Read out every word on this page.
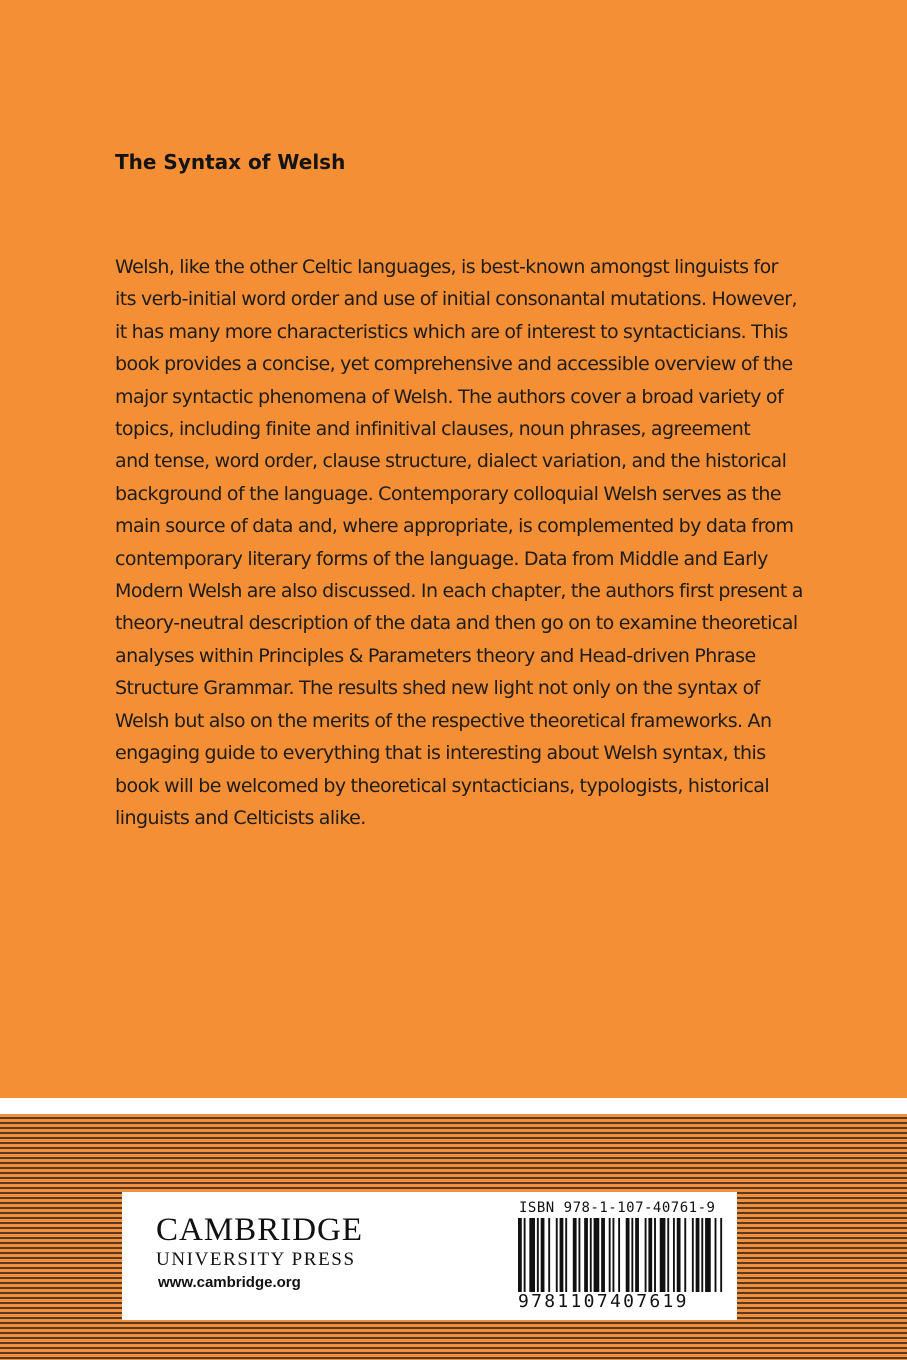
The Syntax of Welsh
Welsh, like the other Celtic languages, is best-known amongst linguists for
its verb-initial word order and use of initial consonantal mutations. However,
it has many more characteristics which are of interest to syntacticians. This
book provides a concise, yet comprehensive and accessible overview of the
major syntactic phenomena of Welsh. The authors cover a broad variety of
topics, including finite and infinitival clauses, noun phrases, agreement
and tense, word order, clause structure, dialect variation, and the historical
background of the language. Contemporary colloquial Welsh serves as the
main source of data and, where appropriate, is complemented by data from
contemporary literary forms of the language. Data from Middle and Early
Modern Welsh are also discussed. In each chapter, the authors first present a
theory-neutral description of the data and then go on to examine theoretical
analyses within Principles & Parameters theory and Head-driven Phrase
Structure Grammar. The results shed new light not only on the syntax of
Welsh but also on the merits of the respective theoretical frameworks. An
engaging guide to everything that is interesting about Welsh syntax, this
book will be welcomed by theoretical syntacticians, typologists, historical
linguists and Celticists alike.
CAMBRIDGE
UNIVERSITY PRESS
www.cambridge.org
ISBN 978-1-107-40761-9
9781107407619
